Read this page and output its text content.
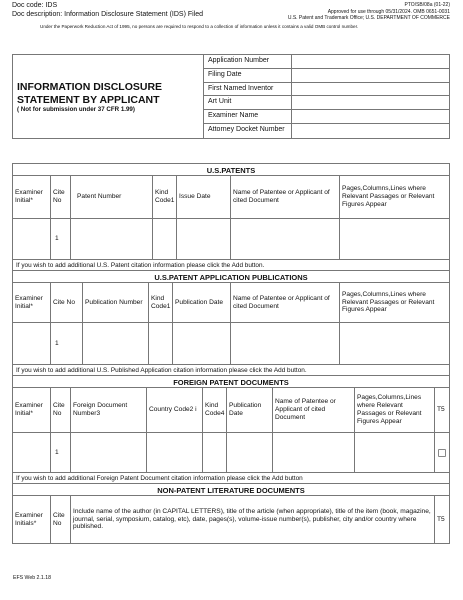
Doc code: IDS
Doc description: Information Disclosure Statement (IDS) Filed
PTO/SB/08a (01-22)
Approved for use through 05/31/2024. OMB 0651-0031
U.S. Patent and Trademark Office; U.S. DEPARTMENT OF COMMERCE
Under the Paperwork Reduction Act of 1995, no persons are required to respond to a collection of information unless it contains a valid OMB control number.
INFORMATION DISCLOSURE STATEMENT BY APPLICANT
( Not for submission under 37 CFR 1.99)
Application Number
Filing Date
First Named Inventor
Art Unit
Examiner Name
Attorney Docket Number
U.S.PATENTS
Examiner Initial*
Cite No
Patent Number
Kind Code1
Issue Date
Name of Patentee or Applicant of cited Document
Pages,Columns,Lines where Relevant Passages or Relevant Figures Appear
1
If you wish to add additional U.S. Patent citation information please click the Add button.
U.S.PATENT APPLICATION PUBLICATIONS
Examiner Initial*
Cite No	Publication Number
Kind Code1
Publication Date
Name of Patentee or Applicant of cited Document
Pages,Columns,Lines where Relevant Passages or Relevant Figures Appear
1
If you wish to add additional U.S. Published Application citation information please click the Add button.
FOREIGN PATENT DOCUMENTS
Examiner Initial*
Cite No
Foreign Document Number3
Country Code2 i
Kind Code4
Publication Date
Name of Patentee or Applicant of cited Document
Pages,Columns,Lines where Relevant Passages or Relevant Figures Appear
T5
1
If you wish to add additional Foreign Patent Document citation information please click the Add button
NON-PATENT LITERATURE DOCUMENTS
Examiner Initials*
Cite No
Include name of the author (in CAPITAL LETTERS), title of the article (when appropriate), title of the item (book, magazine, journal, serial, symposium, catalog, etc), date, pages(s), volume-issue number(s), publisher, city and/or country where published.
T5
EFS Web 2.1.18
